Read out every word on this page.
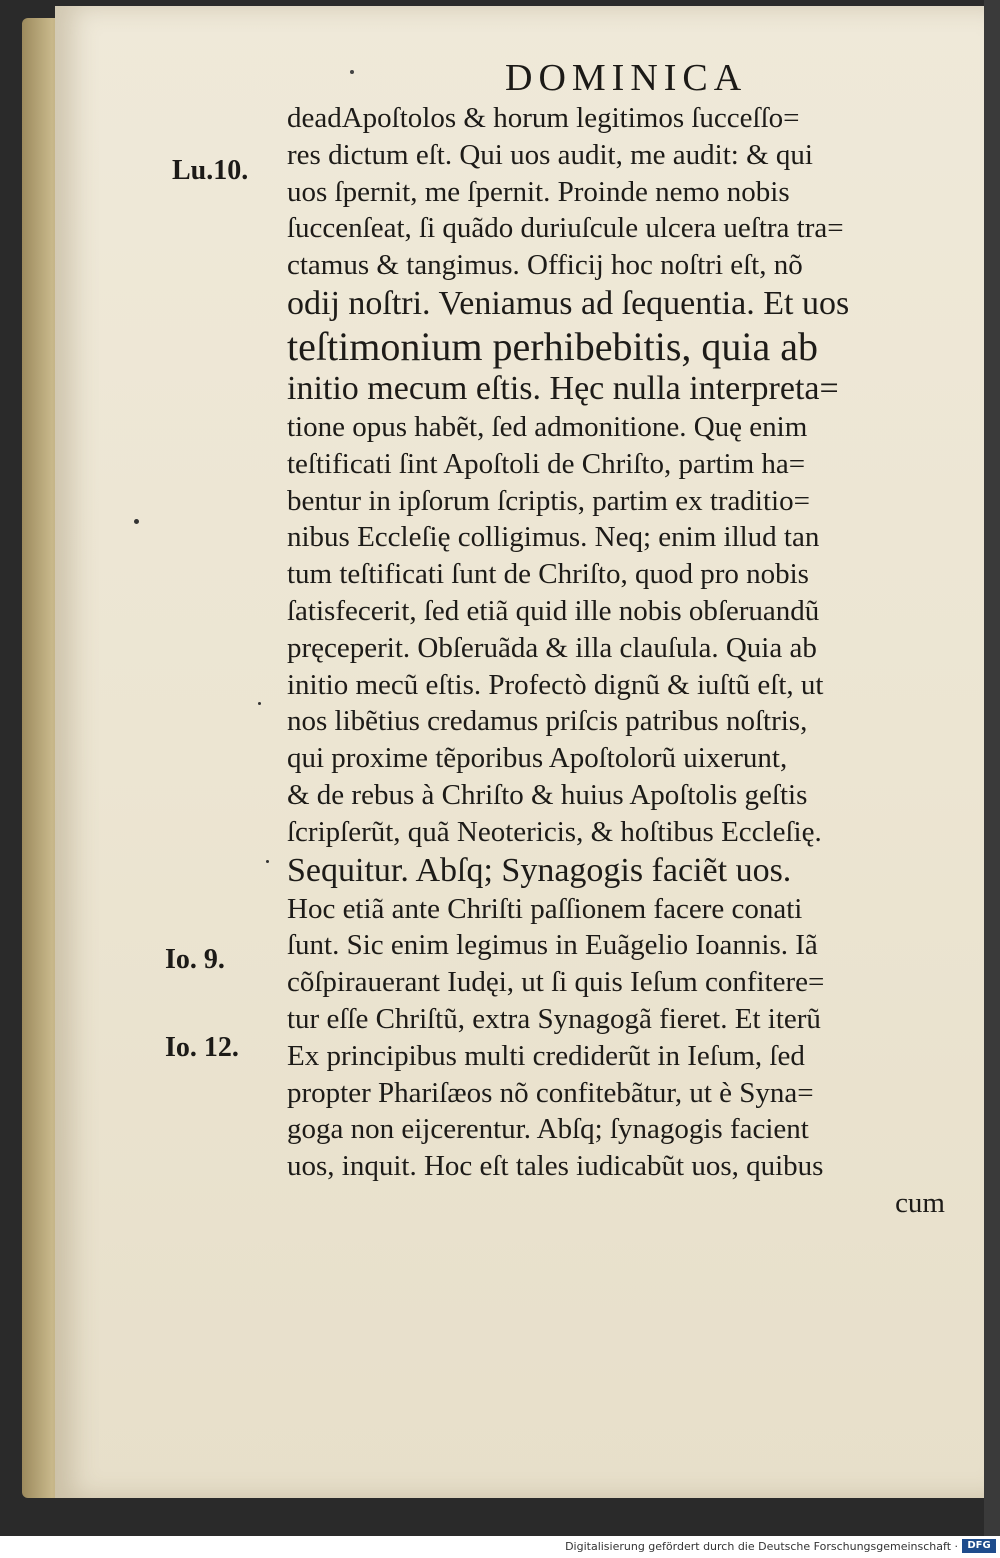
DOMINICA
Lu.10.
Io. 9.
Io. 12.
deadApoſtolos & horum legitimos ſucceſſo=
res dictum eſt. Qui uos audit, me audit: & qui
uos ſpernit, me ſpernit. Proinde nemo nobis
ſuccenſeat, ſi quãdo duriuſcule ulcera ueſtra tra=
ctamus & tangimus. Officij hoc noſtri eſt, nõ
odij noſtri. Veniamus ad ſequentia. Et uos
teſtimonium perhibebitis, quia ab
initio mecum eſtis. Hęc nulla interpreta=
tione opus habẽt, ſed admonitione. Quę enim
teſtificati ſint Apoſtoli de Chriſto, partim ha=
bentur in ipſorum ſcriptis, partim ex traditio=
nibus Eccleſię colligimus. Neq; enim illud tan
tum teſtificati ſunt de Chriſto, quod pro nobis
ſatisfecerit, ſed etiã quid ille nobis obſeruandũ
pręceperit. Obſeruãda & illa clauſula. Quia ab
initio mecũ eſtis. Profectò dignũ & iuſtũ eſt, ut
nos libẽtius credamus priſcis patribus noſtris,
qui proxime tẽporibus Apoſtolorũ uixerunt,
& de rebus à Chriſto & huius Apoſtolis geſtis
ſcripſerũt, quã Neotericis, & hoſtibus Eccleſię.
Sequitur. Abſq; Synagogis faciẽt uos.
Hoc etiã ante Chriſti paſſionem facere conati
ſunt. Sic enim legimus in Euãgelio Ioannis. Iã
cõſpirauerant Iudęi, ut ſi quis Ieſum confitere=
tur eſſe Chriſtũ, extra Synagogã fieret. Et iterũ
Ex principibus multi crediderũt in Ieſum, ſed
propter Phariſæos nõ confitebãtur, ut è Syna=
goga non eijcerentur. Abſq; ſynagogis facient
uos, inquit. Hoc eſt tales iudicabũt uos, quibus
cum
Digitalisierung gefördert durch die Deutsche Forschungsgemeinschaft · DFG
